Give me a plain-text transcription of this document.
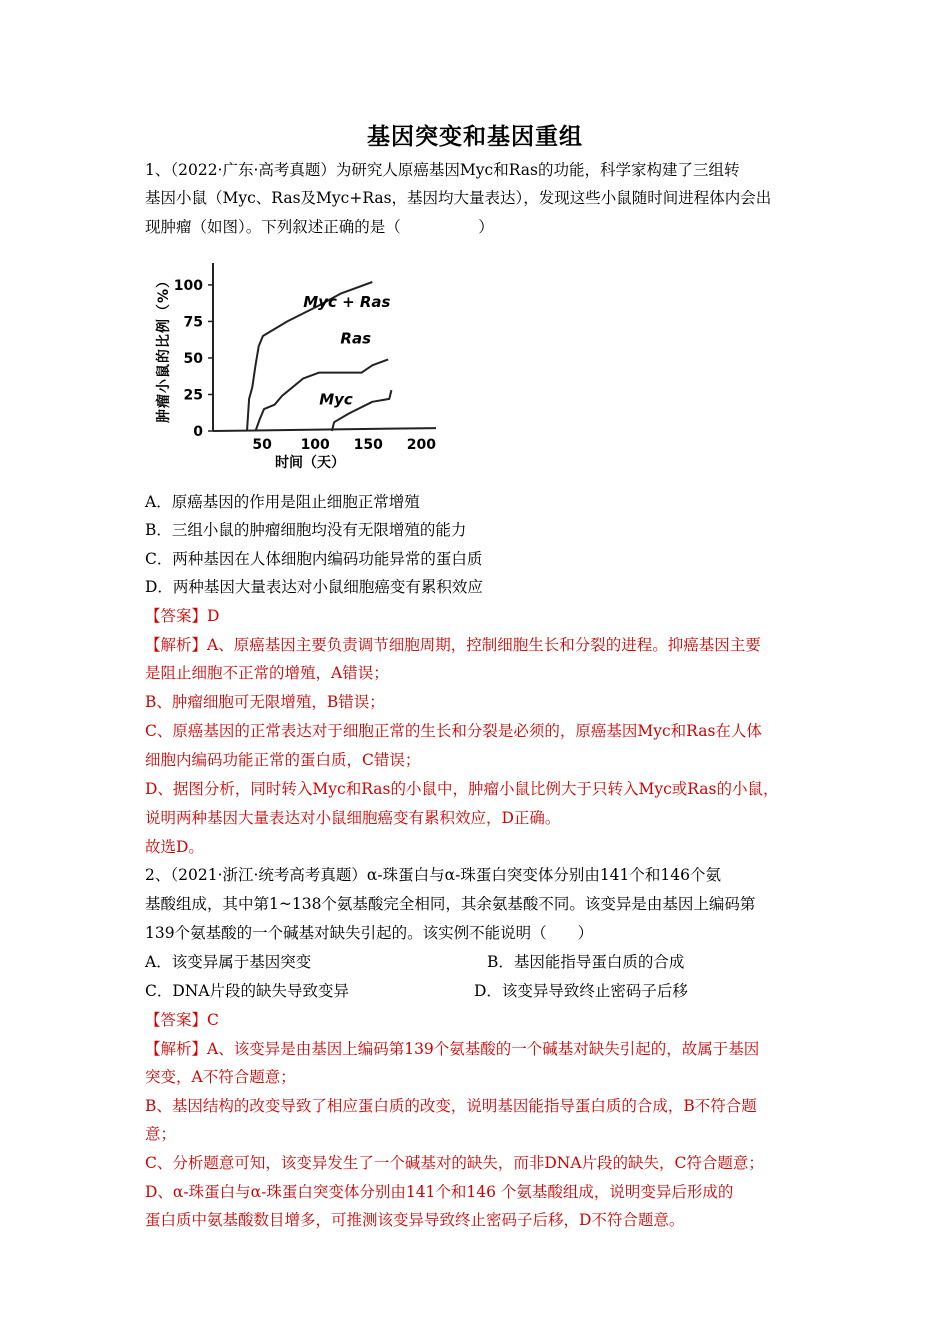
基因突变和基因重组
1、（2022·广东·高考真题）为研究人原癌基因Myc和Ras的功能，科学家构建了三组转
基因小鼠（Myc、Ras及Myc+Ras，基因均大量表达），发现这些小鼠随时间进程体内会出
现肿瘤（如图）。下列叙述正确的是（　　　　　）
肿瘤小鼠的比例（%）
时间（天）
0
25
50
75
100
50 100 150 200
Myc + Ras
Ras
Myc
A．原癌基因的作用是阻止细胞正常增殖
B．三组小鼠的肿瘤细胞均没有无限增殖的能力
C．两种基因在人体细胞内编码功能异常的蛋白质
D．两种基因大量表达对小鼠细胞癌变有累积效应
【答案】D
【解析】A、原癌基因主要负责调节细胞周期，控制细胞生长和分裂的进程。抑癌基因主要
是阻止细胞不正常的增殖，A错误；
B、肿瘤细胞可无限增殖，B错误；
C、原癌基因的正常表达对于细胞正常的生长和分裂是必须的，原癌基因Myc和Ras在人体
细胞内编码功能正常的蛋白质，C错误；
D、据图分析，同时转入Myc和Ras的小鼠中，肿瘤小鼠比例大于只转入Myc或Ras的小鼠，
说明两种基因大量表达对小鼠细胞癌变有累积效应，D正确。
故选D。
2、（2021·浙江·统考高考真题）α-珠蛋白与α-珠蛋白突变体分别由141个和146个氨
基酸组成，其中第1~138个氨基酸完全相同，其余氨基酸不同。该变异是由基因上编码第
139个氨基酸的一个碱基对缺失引起的。该实例不能说明（　　）
A．该变异属于基因突变	B．基因能指导蛋白质的合成
C．DNA片段的缺失导致变异	D．该变异导致终止密码子后移
【答案】C
【解析】A、该变异是由基因上编码第139个氨基酸的一个碱基对缺失引起的，故属于基因
突变，A不符合题意；
B、基因结构的改变导致了相应蛋白质的改变，说明基因能指导蛋白质的合成，B不符合题
意；
C、分析题意可知，该变异发生了一个碱基对的缺失，而非DNA片段的缺失，C符合题意；
D、α-珠蛋白与α-珠蛋白突变体分别由141个和146 个氨基酸组成，说明变异后形成的
蛋白质中氨基酸数目增多，可推测该变异导致终止密码子后移，D不符合题意。
